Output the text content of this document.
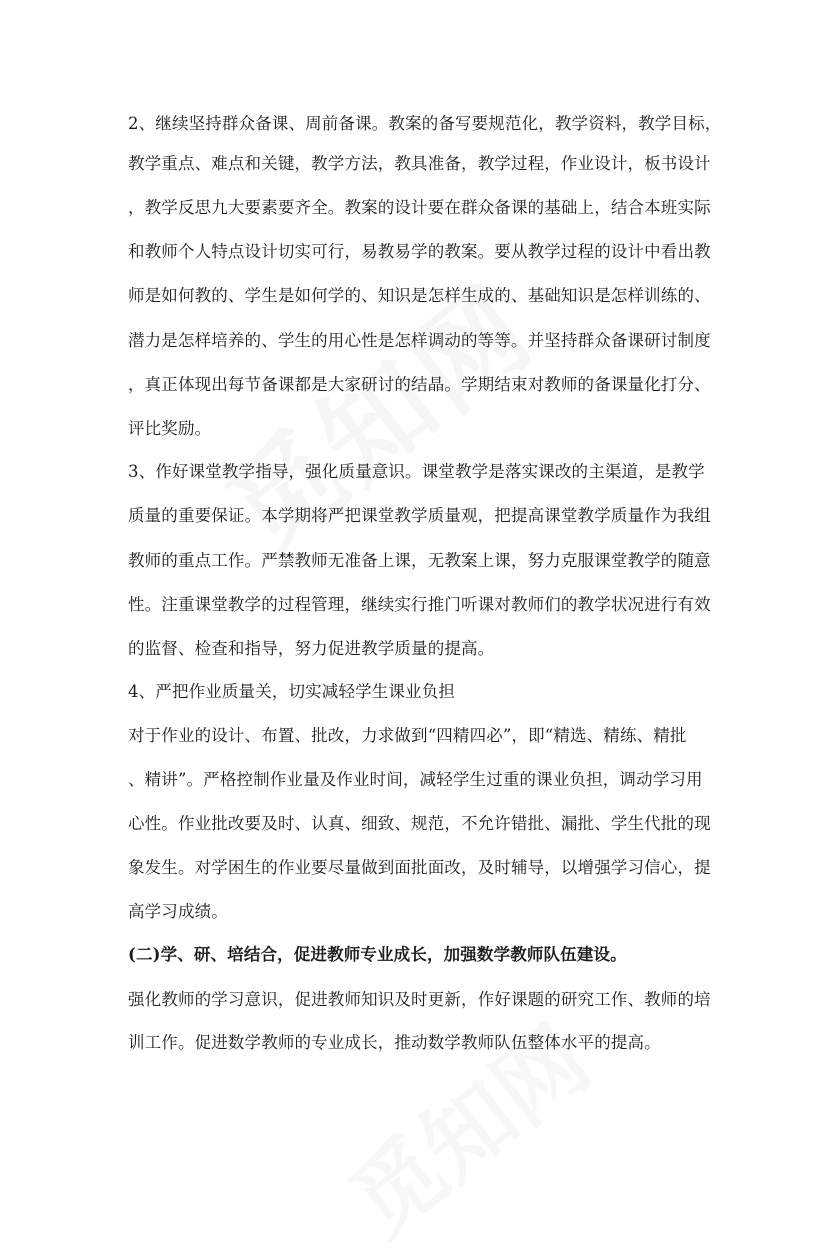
2、继续坚持群众备课、周前备课。教案的备写要规范化，教学资料，教学目标，
教学重点、难点和关键，教学方法，教具准备，教学过程，作业设计，板书设计
，教学反思九大要素要齐全。教案的设计要在群众备课的基础上，结合本班实际
和教师个人特点设计切实可行，易教易学的教案。要从教学过程的设计中看出教
师是如何教的、学生是如何学的、知识是怎样生成的、基础知识是怎样训练的、
潜力是怎样培养的、学生的用心性是怎样调动的等等。并坚持群众备课研讨制度
，真正体现出每节备课都是大家研讨的结晶。学期结束对教师的备课量化打分、
评比奖励。
3、作好课堂教学指导，强化质量意识。课堂教学是落实课改的主渠道，是教学
质量的重要保证。本学期将严把课堂教学质量观，把提高课堂教学质量作为我组
教师的重点工作。严禁教师无准备上课，无教案上课，努力克服课堂教学的随意
性。注重课堂教学的过程管理，继续实行推门听课对教师们的教学状况进行有效
的监督、检查和指导，努力促进教学质量的提高。
4、严把作业质量关，切实减轻学生课业负担
对于作业的设计、布置、批改，力求做到“四精四必”，即“精选、精练、精批
、精讲”。严格控制作业量及作业时间，减轻学生过重的课业负担，调动学习用
心性。作业批改要及时、认真、细致、规范，不允许错批、漏批、学生代批的现
象发生。对学困生的作业要尽量做到面批面改，及时辅导，以增强学习信心，提
高学习成绩。
(二)学、研、培结合，促进教师专业成长，加强数学教师队伍建设。
强化教师的学习意识，促进教师知识及时更新，作好课题的研究工作、教师的培
训工作。促进数学教师的专业成长，推动数学教师队伍整体水平的提高。
